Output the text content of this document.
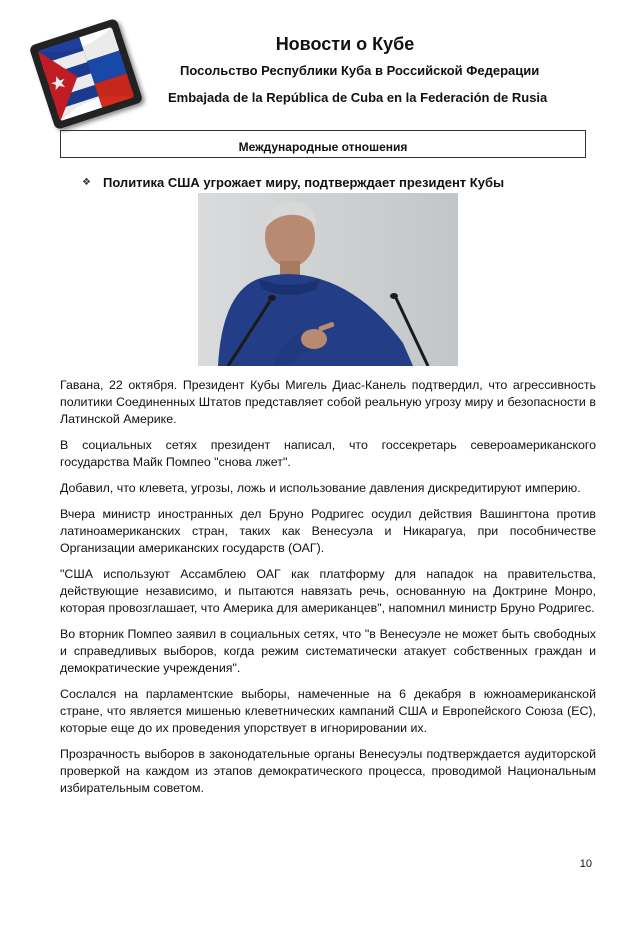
Новости о Кубе
Посольство Республики Куба в Российской Федерации
Embajada de la República de Cuba en la Federación de Rusia
Международные отношения
❖ Политика США угрожает миру, подтверждает президент Кубы

Гавана, 22 октября. Президент Кубы Мигель Диас-Канель подтвердил, что агрессивность политики Соединенных Штатов представляет собой реальную угрозу миру и безопасности в Латинской Америке.

В социальных сетях президент написал, что госсекретарь североамериканского государства Майк Помпео "снова лжет".

Добавил, что клевета, угрозы, ложь и использование давления дискредитируют империю.

Вчера министр иностранных дел Бруно Родригес осудил действия Вашингтона против латиноамериканских стран, таких как Венесуэла и Никарагуа, при пособничестве Организации американских государств (ОАГ).

"США используют Ассамблею ОАГ как платформу для нападок на правительства, действующие независимо, и пытаются навязать речь, основанную на Доктрине Монро, которая провозглашает, что Америка для американцев", напомнил министр Бруно Родригес.

Во вторник Помпео заявил в социальных сетях, что "в Венесуэле не может быть свободных и справедливых выборов, когда режим систематически атакует собственных граждан и демократические учреждения".

Сослался на парламентские выборы, намеченные на 6 декабря в южноамериканской стране, что является мишенью клеветнических кампаний США и Европейского Союза (ЕС), которые еще до их проведения упорствует в игнорировании их.

Прозрачность выборов в законодательные органы Венесуэлы подтверждается аудиторской проверкой на каждом из этапов демократического процесса, проводимой Национальным избирательным советом.

10
